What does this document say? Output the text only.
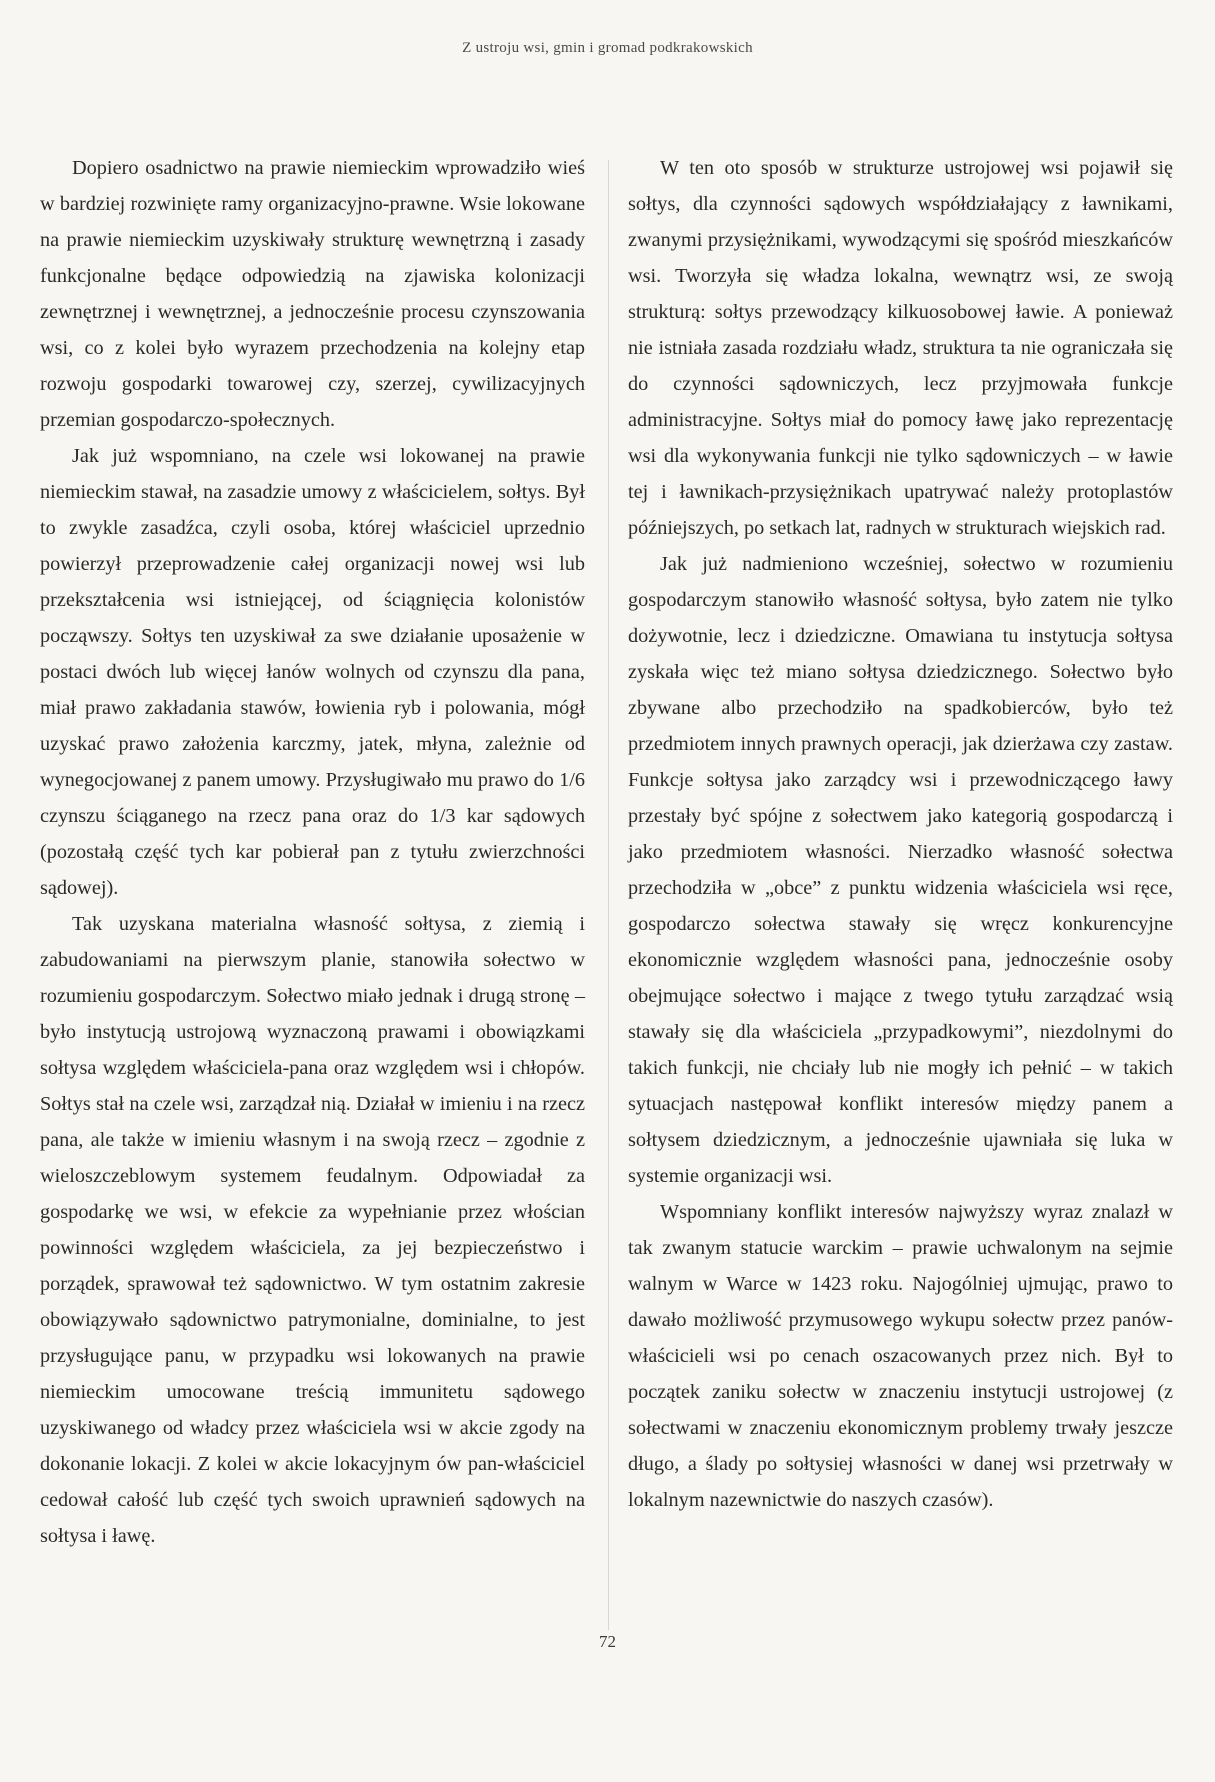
Z ustroju wsi, gmin i gromad podkrakowskich

Dopiero osadnictwo na prawie niemieckim wprowadziło wieś w bardziej rozwinięte ramy organizacyjno-prawne. Wsie lokowane na prawie niemieckim uzyskiwały strukturę wewnętrzną i zasady funkcjonalne będące odpowiedzią na zjawiska kolonizacji zewnętrznej i wewnętrznej, a jednocześnie procesu czynszowania wsi, co z kolei było wyrazem przechodzenia na kolejny etap rozwoju gospodarki towarowej czy, szerzej, cywilizacyjnych przemian gospodarczo-społecznych.

Jak już wspomniano, na czele wsi lokowanej na prawie niemieckim stawał, na zasadzie umowy z właścicielem, sołtys. Był to zwykle zasadźca, czyli osoba, której właściciel uprzednio powierzył przeprowadzenie całej organizacji nowej wsi lub przekształcenia wsi istniejącej, od ściągnięcia kolonistów począwszy. Sołtys ten uzyskiwał za swe działanie uposażenie w postaci dwóch lub więcej łanów wolnych od czynszu dla pana, miał prawo zakładania stawów, łowienia ryb i polowania, mógł uzyskać prawo założenia karczmy, jatek, młyna, zależnie od wynegocjowanej z panem umowy. Przysługiwało mu prawo do 1/6 czynszu ściąganego na rzecz pana oraz do 1/3 kar sądowych (pozostałą część tych kar pobierał pan z tytułu zwierzchności sądowej).

Tak uzyskana materialna własność sołtysa, z ziemią i zabudowaniami na pierwszym planie, stanowiła sołectwo w rozumieniu gospodarczym. Sołectwo miało jednak i drugą stronę – było instytucją ustrojową wyznaczoną prawami i obowiązkami sołtysa względem właściciela-pana oraz względem wsi i chłopów. Sołtys stał na czele wsi, zarządzał nią. Działał w imieniu i na rzecz pana, ale także w imieniu własnym i na swoją rzecz – zgodnie z wieloszczeblowym systemem feudalnym. Odpowiadał za gospodarkę we wsi, w efekcie za wypełnianie przez włościan powinności względem właściciela, za jej bezpieczeństwo i porządek, sprawował też sądownictwo. W tym ostatnim zakresie obowiązywało sądownictwo patrymonialne, dominialne, to jest przysługujące panu, w przypadku wsi lokowanych na prawie niemieckim umocowane treścią immunitetu sądowego uzyskiwanego od władcy przez właściciela wsi w akcie zgody na dokonanie lokacji. Z kolei w akcie lokacyjnym ów pan-właściciel cedował całość lub część tych swoich uprawnień sądowych na sołtysa i ławę.

W ten oto sposób w strukturze ustrojowej wsi pojawił się sołtys, dla czynności sądowych współdziałający z ławnikami, zwanymi przysiężnikami, wywodzącymi się spośród mieszkańców wsi. Tworzyła się władza lokalna, wewnątrz wsi, ze swoją strukturą: sołtys przewodzący kilkuosobowej ławie. A ponieważ nie istniała zasada rozdziału władz, struktura ta nie ograniczała się do czynności sądowniczych, lecz przyjmowała funkcje administracyjne. Sołtys miał do pomocy ławę jako reprezentację wsi dla wykonywania funkcji nie tylko sądowniczych – w ławie tej i ławnikach-przysiężnikach upatrywać należy protoplastów późniejszych, po setkach lat, radnych w strukturach wiejskich rad.

Jak już nadmieniono wcześniej, sołectwo w rozumieniu gospodarczym stanowiło własność sołtysa, było zatem nie tylko dożywotnie, lecz i dziedziczne. Omawiana tu instytucja sołtysa zyskała więc też miano sołtysa dziedzicznego. Sołectwo było zbywane albo przechodziło na spadkobierców, było też przedmiotem innych prawnych operacji, jak dzierżawa czy zastaw. Funkcje sołtysa jako zarządcy wsi i przewodniczącego ławy przestały być spójne z sołectwem jako kategorią gospodarczą i jako przedmiotem własności. Nierzadko własność sołectwa przechodziła w „obce” z punktu widzenia właściciela wsi ręce, gospodarczo sołectwa stawały się wręcz konkurencyjne ekonomicznie względem własności pana, jednocześnie osoby obejmujące sołectwo i mające z twego tytułu zarządzać wsią stawały się dla właściciela „przypadkowymi”, niezdolnymi do takich funkcji, nie chciały lub nie mogły ich pełnić – w takich sytuacjach następował konflikt interesów między panem a sołtysem dziedzicznym, a jednocześnie ujawniała się luka w systemie organizacji wsi.

Wspomniany konflikt interesów najwyższy wyraz znalazł w tak zwanym statucie warckim – prawie uchwalonym na sejmie walnym w Warce w 1423 roku. Najogólniej ujmując, prawo to dawało możliwość przymusowego wykupu sołectw przez panów-właścicieli wsi po cenach oszacowanych przez nich. Był to początek zaniku sołectw w znaczeniu instytucji ustrojowej (z sołectwami w znaczeniu ekonomicznym problemy trwały jeszcze długo, a ślady po sołtysiej własności w danej wsi przetrwały w lokalnym nazewnictwie do naszych czasów).

72
